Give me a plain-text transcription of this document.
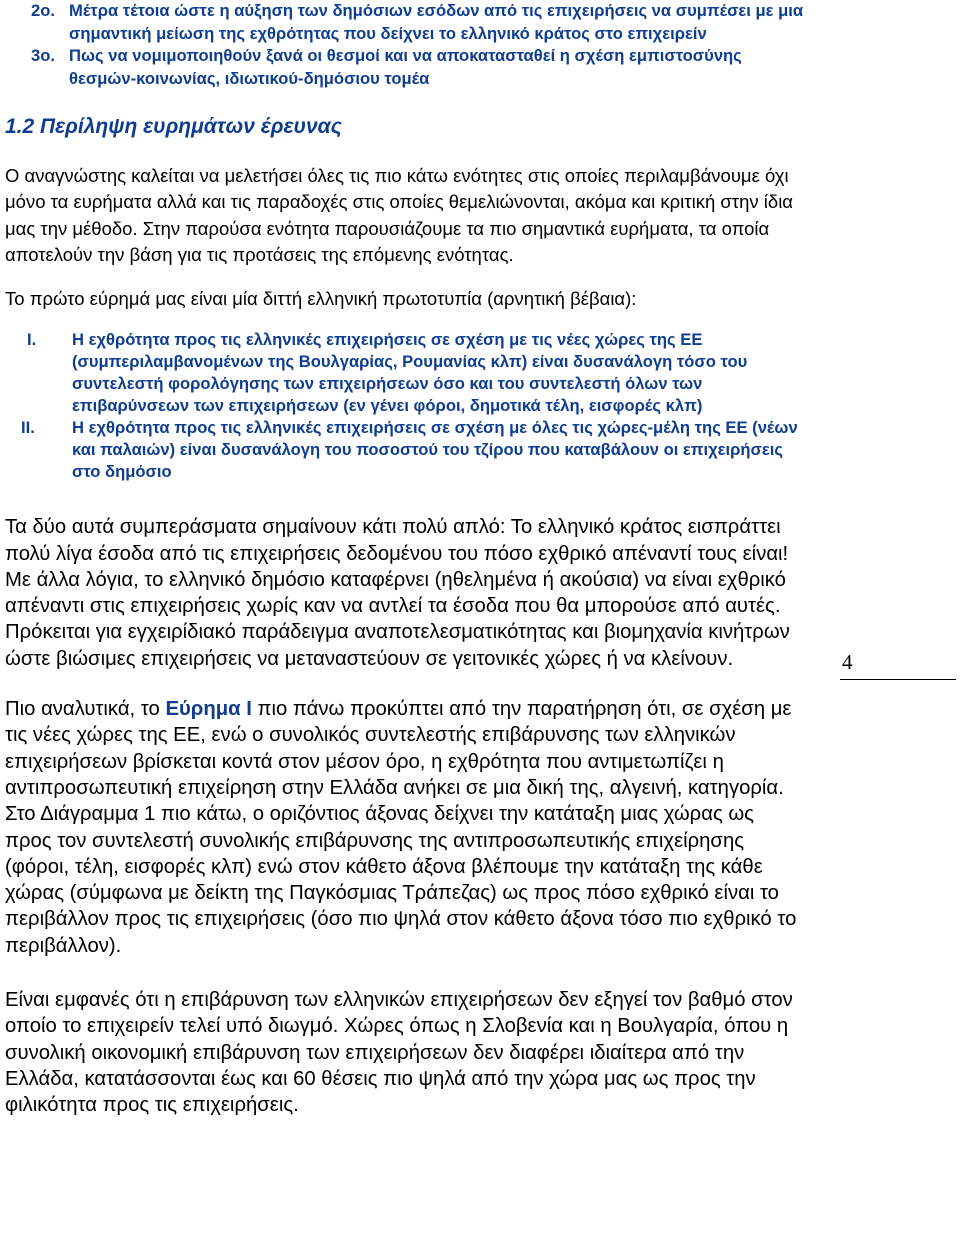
2o. Μέτρα τέτοια ώστε η αύξηση των δημόσιων εσόδων από τις επιχειρήσεις να συμπέσει με μια σημαντική μείωση της εχθρότητας που δείχνει το ελληνικό κράτος στο επιχειρείν
3o. Πως να νομιμοποιηθούν ξανά οι θεσμοί και να αποκατασταθεί η σχέση εμπιστοσύνης θεσμών-κοινωνίας, ιδιωτικού-δημόσιου τομέα
1.2 Περίληψη ευρημάτων έρευνας
Ο αναγνώστης καλείται να μελετήσει όλες τις πιο κάτω ενότητες στις οποίες περιλαμβάνουμε όχι μόνο τα ευρήματα αλλά και τις παραδοχές στις οποίες θεμελιώνονται, ακόμα και κριτική στην ίδια μας την μέθοδο. Στην παρούσα ενότητα παρουσιάζουμε τα πιο σημαντικά ευρήματα, τα οποία αποτελούν την βάση για τις προτάσεις της επόμενης ενότητας.
Το πρώτο εύρημά μας είναι μία διττή ελληνική πρωτοτυπία (αρνητική βέβαια):
I. Η εχθρότητα προς τις ελληνικές επιχειρήσεις σε σχέση με τις νέες χώρες της ΕΕ (συμπεριλαμβανομένων της Βουλγαρίας, Ρουμανίας κλπ) είναι δυσανάλογη τόσο του συντελεστή φορολόγησης των επιχειρήσεων όσο και του συντελεστή όλων των επιβαρύνσεων των επιχειρήσεων (εν γένει φόροι, δημοτικά τέλη, εισφορές κλπ)
II. Η εχθρότητα προς τις ελληνικές επιχειρήσεις σε σχέση με όλες τις χώρες-μέλη της ΕΕ (νέων και παλαιών) είναι δυσανάλογη του ποσοστού του τζίρου που καταβάλουν οι επιχειρήσεις στο δημόσιο
Τα δύο αυτά συμπεράσματα σημαίνουν κάτι πολύ απλό: Το ελληνικό κράτος εισπράττει πολύ λίγα έσοδα από τις επιχειρήσεις δεδομένου του πόσο εχθρικό απέναντί τους είναι! Με άλλα λόγια, το ελληνικό δημόσιο καταφέρνει (ηθελημένα ή ακούσια) να είναι εχθρικό απέναντι στις επιχειρήσεις χωρίς καν να αντλεί τα έσοδα που θα μπορούσε από αυτές. Πρόκειται για εγχειρίδιακό παράδειγμα αναποτελεσματικότητας και βιομηχανία κινήτρων ώστε βιώσιμες επιχειρήσεις να μεταναστεύουν σε γειτονικές χώρες ή να κλείνουν.
Πιο αναλυτικά, το Εύρημα Ι πιο πάνω προκύπτει από την παρατήρηση ότι, σε σχέση με τις νέες χώρες της ΕΕ, ενώ ο συνολικός συντελεστής επιβάρυνσης των ελληνικών επιχειρήσεων βρίσκεται κοντά στον μέσον όρο, η εχθρότητα που αντιμετωπίζει η αντιπροσωπευτική επιχείρηση στην Ελλάδα ανήκει σε μια δική της, αλγεινή, κατηγορία. Στο Διάγραμμα 1 πιο κάτω, ο οριζόντιος άξονας δείχνει την κατάταξη μιας χώρας ως προς τον συντελεστή συνολικής επιβάρυνσης της αντιπροσωπευτικής επιχείρησης (φόροι, τέλη, εισφορές κλπ) ενώ στον κάθετο άξονα βλέπουμε την κατάταξη της κάθε χώρας (σύμφωνα με δείκτη της Παγκόσμιας Τράπεζας) ως προς πόσο εχθρικό είναι το περιβάλλον προς τις επιχειρήσεις (όσο πιο ψηλά στον κάθετο άξονα τόσο πιο εχθρικό το περιβάλλον).
Είναι εμφανές ότι η επιβάρυνση των ελληνικών επιχειρήσεων δεν εξηγεί τον βαθμό στον οποίο το επιχειρείν τελεί υπό διωγμό. Χώρες όπως η Σλοβενία και η Βουλγαρία, όπου η συνολική οικονομική επιβάρυνση των επιχειρήσεων δεν διαφέρει ιδιαίτερα από την Ελλάδα, κατατάσσονται έως και 60 θέσεις πιο ψηλά από την χώρα μας ως προς την φιλικότητα προς τις επιχειρήσεις.
4
